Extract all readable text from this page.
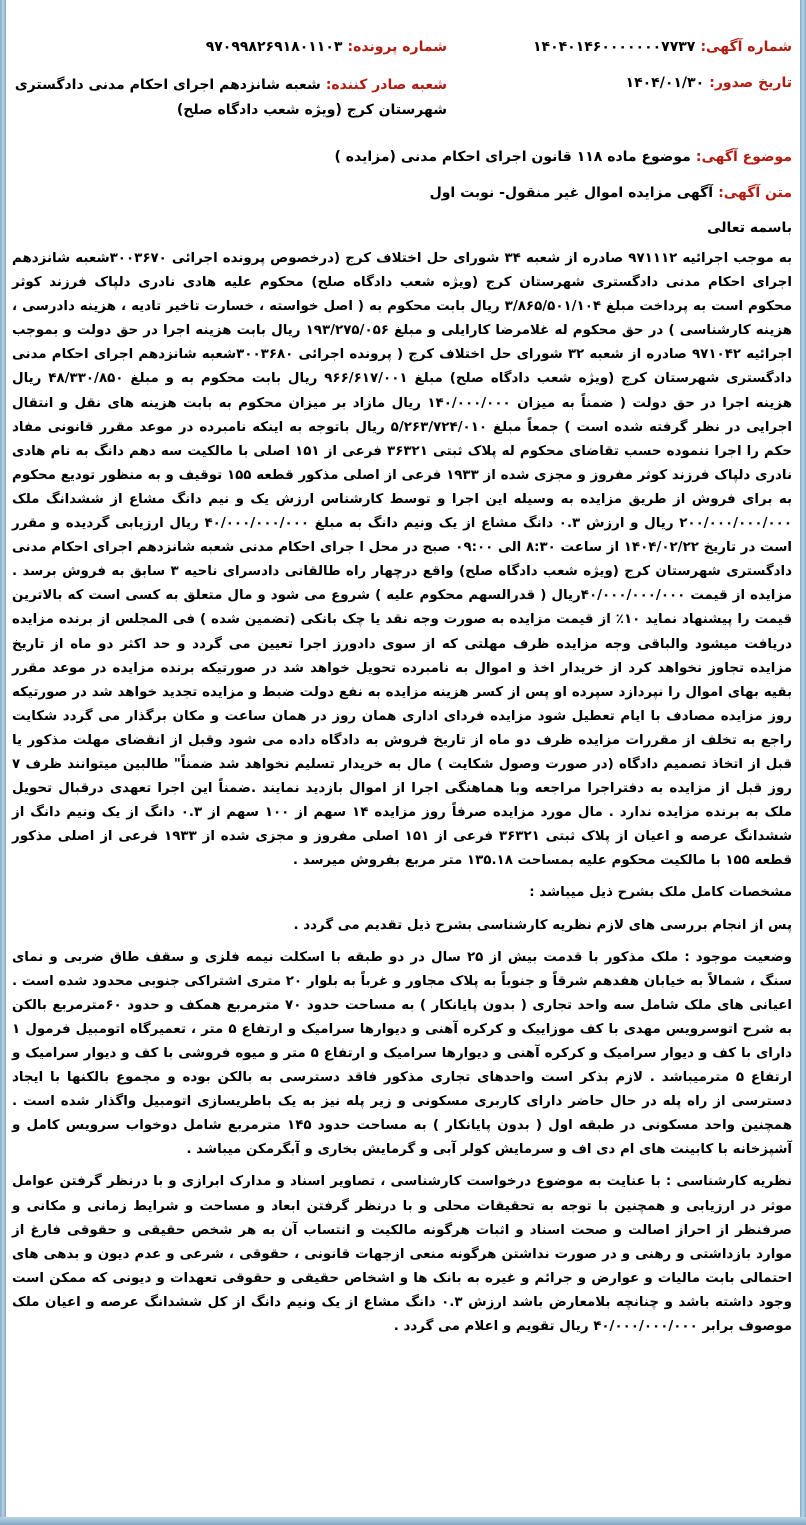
شماره آگهی: ۱۴۰۴۰۱۴۶۰۰۰۰۰۰۰۷۷۳۷
شماره پرونده: ۹۷۰۹۹۸۲۶۹۱۸۰۱۱۰۳
تاریخ صدور: ۱۴۰۴/۰۱/۳۰
شعبه صادر کننده: شعبه شانزدهم اجرای احکام مدنی دادگستری شهرستان کرج (ویژه شعب دادگاه صلح)
موضوع آگهی: موضوع ماده ۱۱۸ قانون اجرای احکام مدنی (مزایده )
متن آگهی: آگهی مزایده اموال غیر منقول- نوبت اول
باسمه تعالی

به موجب اجرائیه ۹۷۱۱۱۲ صادره از شعبه ۳۴ شورای حل اختلاف کرج (درخصوص پرونده اجرائی ۳۰۰۳۶۷۰شعبه شانزدهم اجرای احکام مدنی دادگستری شهرستان کرج (ویژه شعب دادگاه صلح) محکوم علیه هادی نادری دلپاک فرزند کوثر محکوم است به پرداخت مبلغ ۳/۸۶۵/۵۰۱/۱۰۴ ریال بابت محکوم به ( اصل خواسته ، خسارت تاخیر تادیه ، هزینه دادرسی ، هزینه کارشناسی ) در حق محکوم له غلامرضا کارایلی و مبلغ ۱۹۳/۲۷۵/۰۵۶ ریال بابت هزینه اجرا در حق دولت و بموجب اجرائیه ۹۷۱۰۴۲ صادره از شعبه ۳۲ شورای حل اختلاف کرج ( پرونده اجرائی ۳۰۰۳۶۸۰شعبه شانزدهم اجرای احکام مدنی دادگستری شهرستان کرج (ویژه شعب دادگاه صلح) مبلغ ۹۶۶/۶۱۷/۰۰۱ ریال بابت محکوم به و مبلغ ۴۸/۳۳۰/۸۵۰ ریال هزینه اجرا در حق دولت ( ضمناً به میزان ۱۴۰/۰۰۰/۰۰۰ ریال مازاد بر میزان محکوم به بابت هزینه های نقل و انتقال اجرایی در نظر گرفته شده است ) جمعاً مبلغ ۵/۲۶۳/۷۲۴/۰۱۰ ریال باتوجه به اینکه نامبرده در موعد مقرر قانونی مفاد حکم را اجرا ننموده حسب تقاضای محکوم له پلاک ثبتی ۳۶۳۲۱ فرعی از ۱۵۱ اصلی با مالکیت سه دهم دانگ به نام هادی نادری دلپاک فرزند کوثر مفروز و مجزی شده از ۱۹۳۳ فرعی از اصلی مذکور قطعه ۱۵۵ توقیف و به منظور تودیع محکوم به برای فروش از طریق مزایده به وسیله این اجرا و توسط کارشناس ارزش یک و نیم دانگ مشاع از ششدانگ ملک ۲۰۰/۰۰۰/۰۰۰/۰۰۰ ریال و ارزش ۰.۳ دانگ مشاع از یک ونیم دانگ به مبلغ ۴۰/۰۰۰/۰۰۰/۰۰۰ ریال ارزیابی گردیده و مقرر است در تاریخ ۱۴۰۴/۰۲/۲۲ از ساعت ۸:۳۰ الی ۰۹:۰۰ صبح در محل ا جرای احکام مدنی شعبه شانزدهم اجرای احکام مدنی دادگستری شهرستان کرج (ویژه شعب دادگاه صلح) واقع درچهار راه طالقانی دادسرای ناحیه ۳ سابق به فروش برسد . مزایده از قیمت ۴۰/۰۰۰/۰۰۰/۰۰۰ریال ( قدرالسهم محکوم علیه ) شروع می شود و مال متعلق به کسی است که بالاترین قیمت را پیشنهاد نماید ۱۰٪ از قیمت مزایده به صورت وجه نقد یا چک بانکی (تضمین شده ) فی المجلس از برنده مزایده دریافت میشود والباقی وجه مزایده ظرف مهلتی که از سوی دادورز اجرا تعیین می گردد و حد اکثر دو ماه از تاریخ مزایده تجاوز نخواهد کرد از خریدار اخذ و اموال به نامبرده تحویل خواهد شد در صورتیکه برنده مزایده در موعد مقرر بقیه بهای اموال را نپردازد سپرده او پس از کسر هزینه مزایده به نفع دولت ضبط و مزایده تجدید خواهد شد در صورتیکه روز مزایده مصادف با ایام تعطیل شود مزایده فردای اداری همان روز در همان ساعت و مکان برگذار می گردد شکایت راجع به تخلف از مقررات مزایده ظرف دو ماه از تاریخ فروش به دادگاه داده می شود وقبل از انقضای مهلت مذکور یا قبل از اتخاذ تصمیم دادگاه (در صورت وصول شکایت ) مال به خریدار تسلیم نخواهد شد ضمناً" طالبین میتوانند ظرف ۷ روز قبل از مزایده به دفتراجرا مراجعه وبا هماهنگی اجرا از اموال بازدید نمایند .ضمناً این اجرا تعهدی درقبال تحویل ملک به برنده مزایده ندارد . مال مورد مزایده صرفاً روز مزایده ۱۴ سهم از ۱۰۰ سهم از ۰.۳ دانگ از یک ونیم دانگ از ششدانگ عرصه و اعیان از پلاک ثبتی ۳۶۳۲۱ فرعی از ۱۵۱ اصلی مفروز و مجزی شده از ۱۹۳۳ فرعی از اصلی مذکور قطعه ۱۵۵ با مالکیت محکوم علیه بمساحت ۱۳۵.۱۸ متر مربع بفروش میرسد .

مشخصات کامل ملک بشرح ذیل میباشد :

پس از انجام بررسی های لازم نظریه کارشناسی بشرح ذیل تقدیم می گردد .

وضعیت موجود : ملک مذکور با قدمت بیش از ۲۵ سال در دو طبقه با اسکلت نیمه فلزی و سقف طاق ضربی و نمای سنگ ، شمالاً به خیابان هفدهم شرقاً و جنوباً به پلاک مجاور و غرباً به بلوار ۲۰ متری اشتراکی جنوبی محدود شده است . اعیانی های ملک شامل سه واحد تجاری ( بدون پایانکار ) به مساحت حدود ۷۰ مترمربع همکف و حدود ۶۰مترمربع بالکن به شرح اتوسرویس مهدی با کف موزاییک و کرکره آهنی و دیوارها سرامیک و ارتفاع ۵ متر ، تعمیرگاه اتومبیل فرمول ۱ دارای با کف و دیوار سرامیک و کرکره آهنی و دیوارها سرامیک و ارتفاع ۵ متر و میوه فروشی با کف و دیوار سرامیک و ارتفاع ۵ مترمیباشد . لازم بذکر است واحدهای تجاری مذکور فاقد دسترسی به بالکن بوده و مجموع بالکنها با ایجاد دسترسی از راه پله در حال حاضر دارای کاربری مسکونی و زیر پله نیز به یک باطریسازی اتومبیل واگذار شده است . همچنین واحد مسکونی در طبقه اول ( بدون پایانکار ) به مساحت حدود ۱۴۵ مترمربع شامل دوخواب سرویس کامل و آشپزخانه با کابینت های ام دی اف و سرمایش کولر آبی و گرمایش بخاری و آبگرمکن میباشد .

نظریه کارشناسی : با عنایت به موضوع درخواست کارشناسی ، تصاویر اسناد و مدارک ابرازی و با درنظر گرفتن عوامل موثر در ارزیابی و همچنین با توجه به تحقیقات محلی و با درنظر گرفتن ابعاد و مساحت و شرایط زمانی و مکانی و صرفنظر از احراز اصالت و صحت اسناد و اثبات هرگونه مالکیت و انتساب آن به هر شخص حقیقی و حقوقی فارغ از موارد بازداشتی و رهنی و در صورت نداشتن هرگونه منعی ازجهات قانونی ، حقوقی ، شرعی و عدم دیون و بدهی های احتمالی بابت مالیات و عوارض و جرائم و غیره به بانک ها و اشخاص حقیقی و حقوقی تعهدات و دیونی که ممکن است وجود داشته باشد و چنانچه بلامعارض باشد ارزش ۰.۳ دانگ مشاع از یک ونیم دانگ از کل ششدانگ عرصه و اعیان ملک موصوف برابر ۴۰/۰۰۰/۰۰۰/۰۰۰ ریال تقویم و اعلام می گردد .
